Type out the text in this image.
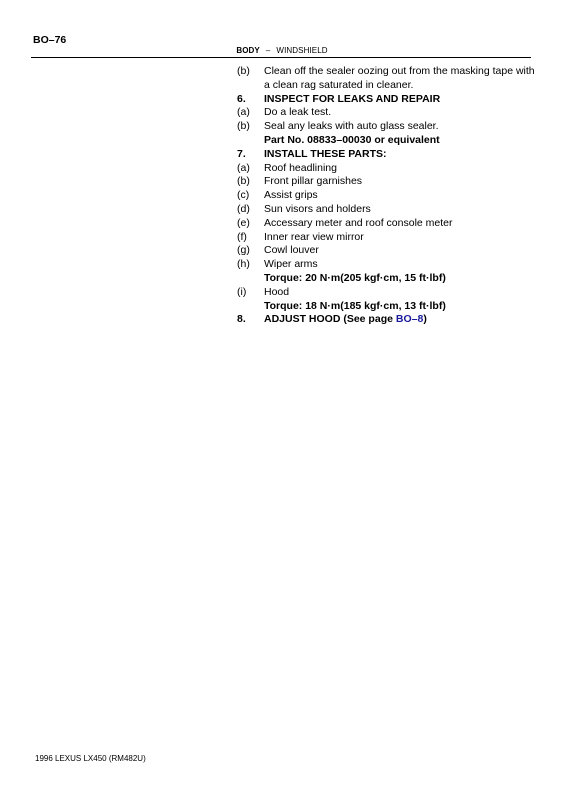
BO–76
BODY – WINDSHIELD
(b)	Clean off the sealer oozing out from the masking tape with a clean rag saturated in cleaner.
6.	INSPECT FOR LEAKS AND REPAIR
(a)	Do a leak test.
(b)	Seal any leaks with auto glass sealer.
Part No. 08833–00030 or equivalent
7.	INSTALL THESE PARTS:
(a)	Roof headlining
(b)	Front pillar garnishes
(c)	Assist grips
(d)	Sun visors and holders
(e)	Accessary meter and roof console meter
(f)	Inner rear view mirror
(g)	Cowl louver
(h)	Wiper arms
Torque: 20 N·m(205 kgf·cm, 15 ft·lbf)
(i)	Hood
Torque: 18 N·m(185 kgf·cm, 13 ft·lbf)
8.	ADJUST HOOD (See page BO–8)
1996 LEXUS LX450 (RM482U)
